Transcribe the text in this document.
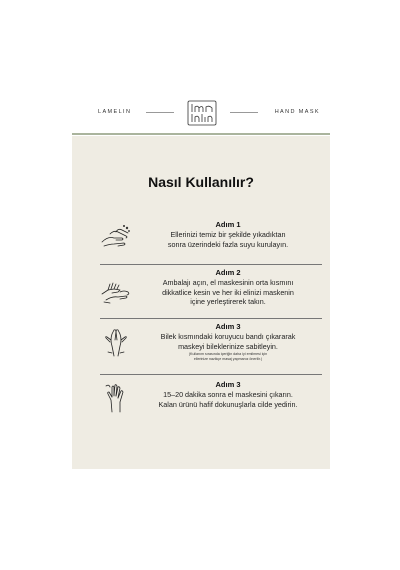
LAMELIN	lamelin	HAND MASK
Nasıl Kullanılır?
Adım 1
Ellerinizi temiz bir şekilde yıkadıktan
sonra üzerindeki fazla suyu kurulayın.
Adım 2
Ambalajı açın, el maskesinin orta kısmını
dikkatlice kesin ve her iki elinizi maskenin
içine yerleştirerek takın.
Adım 3
Bilek kısmındaki koruyucu bandı çıkararak
maskeyi bileklerinize sabitleyin.
(Kullanım sırasında içeriğin daha iyi emilmesi için
ellerinize nazikçe masaj yapmanız önerilir.)
Adım 3
15–20 dakika sonra el maskesini çıkarın.
Kalan ürünü hafif dokunuşlarla cilde yedirin.
